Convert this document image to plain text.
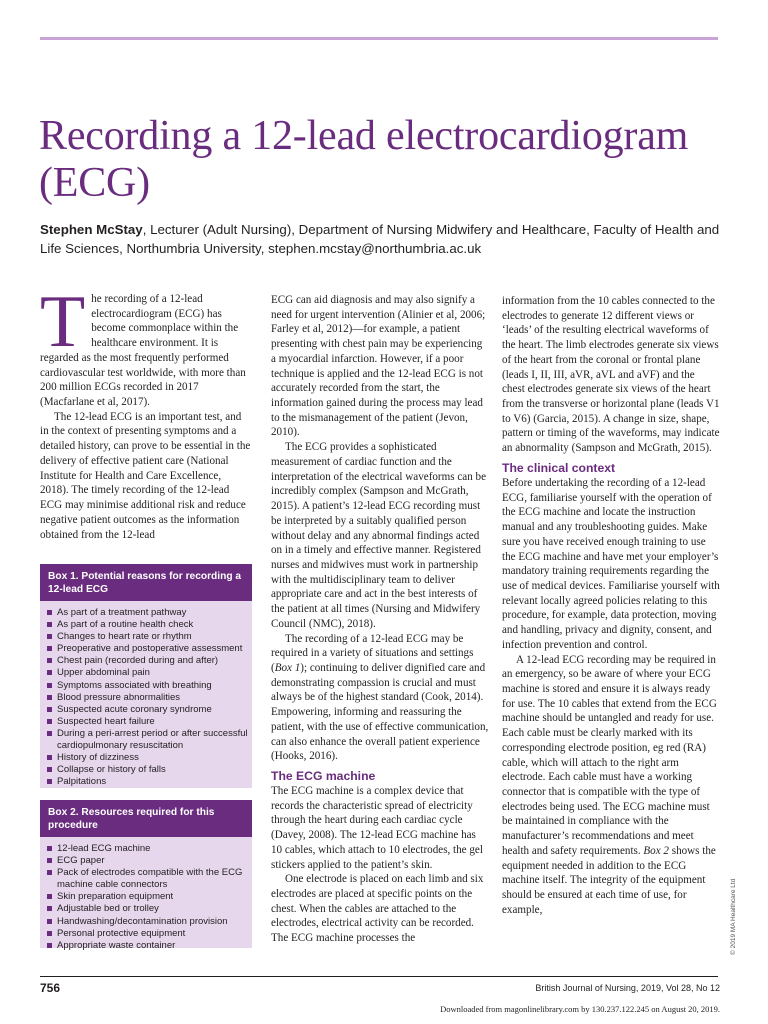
Recording a 12-lead electrocardiogram (ECG)

Stephen McStay, Lecturer (Adult Nursing), Department of Nursing Midwifery and Healthcare, Faculty of Health and Life Sciences, Northumbria University, stephen.mcstay@northumbria.ac.uk

T he recording of a 12-lead electrocardiogram (ECG) has become commonplace within the healthcare environment. It is regarded as the most frequently performed cardiovascular test worldwide, with more than 200 million ECGs recorded in 2017 (Macfarlane et al, 2017).

The 12-lead ECG is an important test, and in the context of presenting symptoms and a detailed history, can prove to be essential in the delivery of effective patient care (National Institute for Health and Care Excellence, 2018). The timely recording of the 12-lead ECG may minimise additional risk and reduce negative patient outcomes as the information obtained from the 12-lead

Box 1. Potential reasons for recording a 12-lead ECG
As part of a treatment pathway
As part of a routine health check
Changes to heart rate or rhythm
Preoperative and postoperative assessment
Chest pain (recorded during and after)
Upper abdominal pain
Symptoms associated with breathing
Blood pressure abnormalities
Suspected acute coronary syndrome
Suspected heart failure
During a peri-arrest period or after successful cardiopulmonary resuscitation
History of dizziness
Collapse or history of falls
Palpitations
Box 2. Resources required for this procedure
12-lead ECG machine
ECG paper
Pack of electrodes compatible with the ECG machine cable connectors
Skin preparation equipment
Adjustable bed or trolley
Handwashing/decontamination provision
Personal protective equipment
Appropriate waste container

ECG can aid diagnosis and may also signify a need for urgent intervention (Alinier et al, 2006; Farley et al, 2012)—for example, a patient presenting with chest pain may be experiencing a myocardial infarction. However, if a poor technique is applied and the 12-lead ECG is not accurately recorded from the start, the information gained during the process may lead to the mismanagement of the patient (Jevon, 2010).

The ECG provides a sophisticated measurement of cardiac function and the interpretation of the electrical waveforms can be incredibly complex (Sampson and McGrath, 2015). A patient’s 12-lead ECG recording must be interpreted by a suitably qualified person without delay and any abnormal findings acted on in a timely and effective manner. Registered nurses and midwives must work in partnership with the multidisciplinary team to deliver appropriate care and act in the best interests of the patient at all times (Nursing and Midwifery Council (NMC), 2018).

The recording of a 12-lead ECG may be required in a variety of situations and settings (Box 1); continuing to deliver dignified care and demonstrating compassion is crucial and must always be of the highest standard (Cook, 2014). Empowering, informing and reassuring the patient, with the use of effective communication, can also enhance the overall patient experience (Hooks, 2016).

The ECG machine

The ECG machine is a complex device that records the characteristic spread of electricity through the heart during each cardiac cycle (Davey, 2008). The 12-lead ECG machine has 10 cables, which attach to 10 electrodes, the gel stickers applied to the patient’s skin.

One electrode is placed on each limb and six electrodes are placed at specific points on the chest. When the cables are attached to the electrodes, electrical activity can be recorded. The ECG machine processes the

information from the 10 cables connected to the electrodes to generate 12 different views or ‘leads’ of the resulting electrical waveforms of the heart. The limb electrodes generate six views of the heart from the coronal or frontal plane (leads I, II, III, aVR, aVL and aVF) and the chest electrodes generate six views of the heart from the transverse or horizontal plane (leads V1 to V6) (Garcia, 2015). A change in size, shape, pattern or timing of the waveforms, may indicate an abnormality (Sampson and McGrath, 2015).

The clinical context

Before undertaking the recording of a 12-lead ECG, familiarise yourself with the operation of the ECG machine and locate the instruction manual and any troubleshooting guides. Make sure you have received enough training to use the ECG machine and have met your employer’s mandatory training requirements regarding the use of medical devices. Familiarise yourself with relevant locally agreed policies relating to this procedure, for example, data protection, moving and handling, privacy and dignity, consent, and infection prevention and control.

A 12-lead ECG recording may be required in an emergency, so be aware of where your ECG machine is stored and ensure it is always ready for use. The 10 cables that extend from the ECG machine should be untangled and ready for use. Each cable must be clearly marked with its corresponding electrode position, eg red (RA) cable, which will attach to the right arm electrode. Each cable must have a working connector that is compatible with the type of electrodes being used. The ECG machine must be maintained in compliance with the manufacturer’s recommendations and meet health and safety requirements. Box 2 shows the equipment needed in addition to the ECG machine itself. The integrity of the equipment should be ensured at each time of use, for example,	© 2019 MA Healthcare Ltd
756	British Journal of Nursing, 2019, Vol 28, No 12
Downloaded from magonlinelibrary.com by 130.237.122.245 on August 20, 2019.
